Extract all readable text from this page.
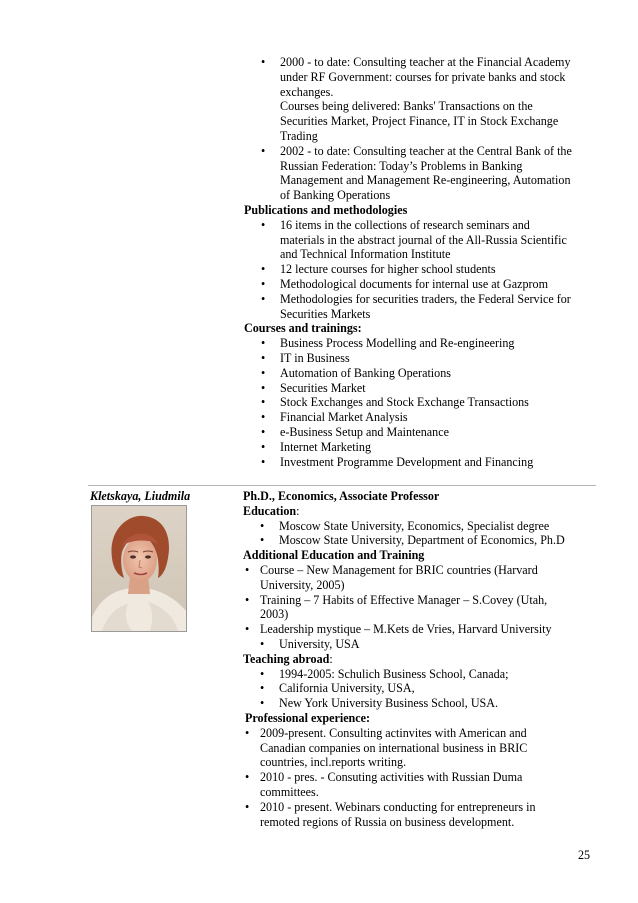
• 2000 - to date: Consulting teacher at the Financial Academy
under RF Government: courses for private banks and stock
exchanges.
Courses being delivered: Banks' Transactions on the
Securities Market, Project Finance, IT in Stock Exchange
Trading
• 2002 - to date: Consulting teacher at the Central Bank of the
Russian Federation: Today’s Problems in Banking
Management and Management Re-engineering, Automation
of Banking Operations
Publications and methodologies
• 16 items in the collections of research seminars and
materials in the abstract journal of the All-Russia Scientific
and Technical Information Institute
• 12 lecture courses for higher school students
• Methodological documents for internal use at Gazprom
• Methodologies for securities traders, the Federal Service for
Securities Markets
Courses and trainings:
• Business Process Modelling and Re-engineering
• IT in Business
• Automation of Banking Operations
• Securities Market
• Stock Exchanges and Stock Exchange Transactions
• Financial Market Analysis
• e-Business Setup and Maintenance
• Internet Marketing
• Investment Programme Development and Financing
Kletskaya, Liudmila	Ph.D., Economics, Associate Professor
Education:
• Moscow State University, Economics, Specialist degree
• Moscow State University, Department of Economics, Ph.D
Additional Education and Training
• Course – New Management for BRIC countries (Harvard
University, 2005)
• Training – 7 Habits of Effective Manager – S.Covey (Utah,
2003)
• Leadership mystique – M.Kets de Vries, Harvard University
• University, USA
Teaching abroad:
• 1994-2005: Schulich Business School, Canada;
• California University, USA,
• New York University Business School, USA.
Professional experience:
• 2009-present. Consulting actinvites with American and
Canadian companies on international business in BRIC
countries, incl.reports writing.
• 2010 - pres. - Consuting activities with Russian Duma
committees.
• 2010 - present. Webinars conducting for entrepreneurs in
remoted regions of Russia on business development.
25
